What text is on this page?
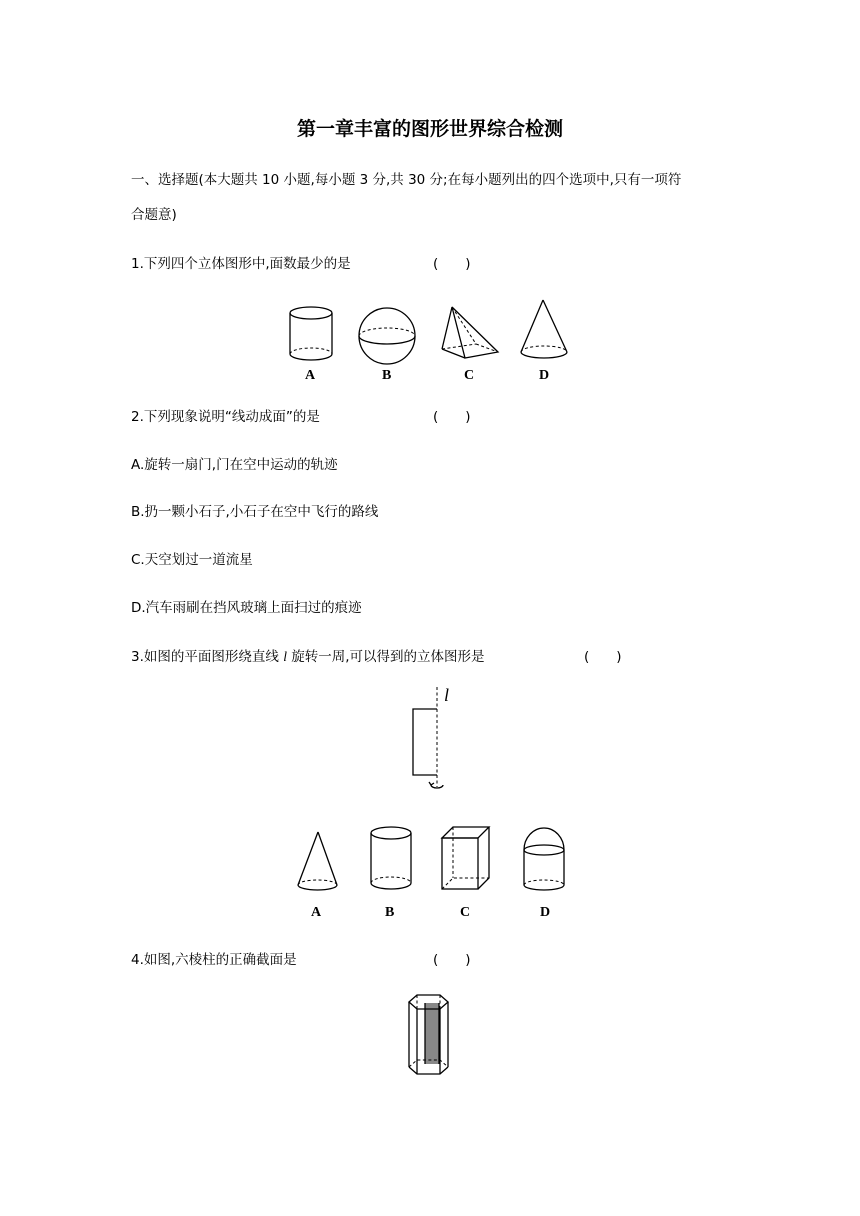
第一章丰富的图形世界综合检测
一、选择题(本大题共 10 小题,每小题 3 分,共 30 分;在每小题列出的四个选项中,只有一项符
合题意)
1.下列四个立体图形中,面数最少的是	(　　)
A	B	C	D
2.下列现象说明“线动成面”的是	(　　)
A.旋转一扇门,门在空中运动的轨迹
B.扔一颗小石子,小石子在空中飞行的路线
C.天空划过一道流星
D.汽车雨刷在挡风玻璃上面扫过的痕迹
3.如图的平面图形绕直线 l 旋转一周,可以得到的立体图形是	(　　)
l
A	B	C	D
4.如图,六棱柱的正确截面是	(　　)
